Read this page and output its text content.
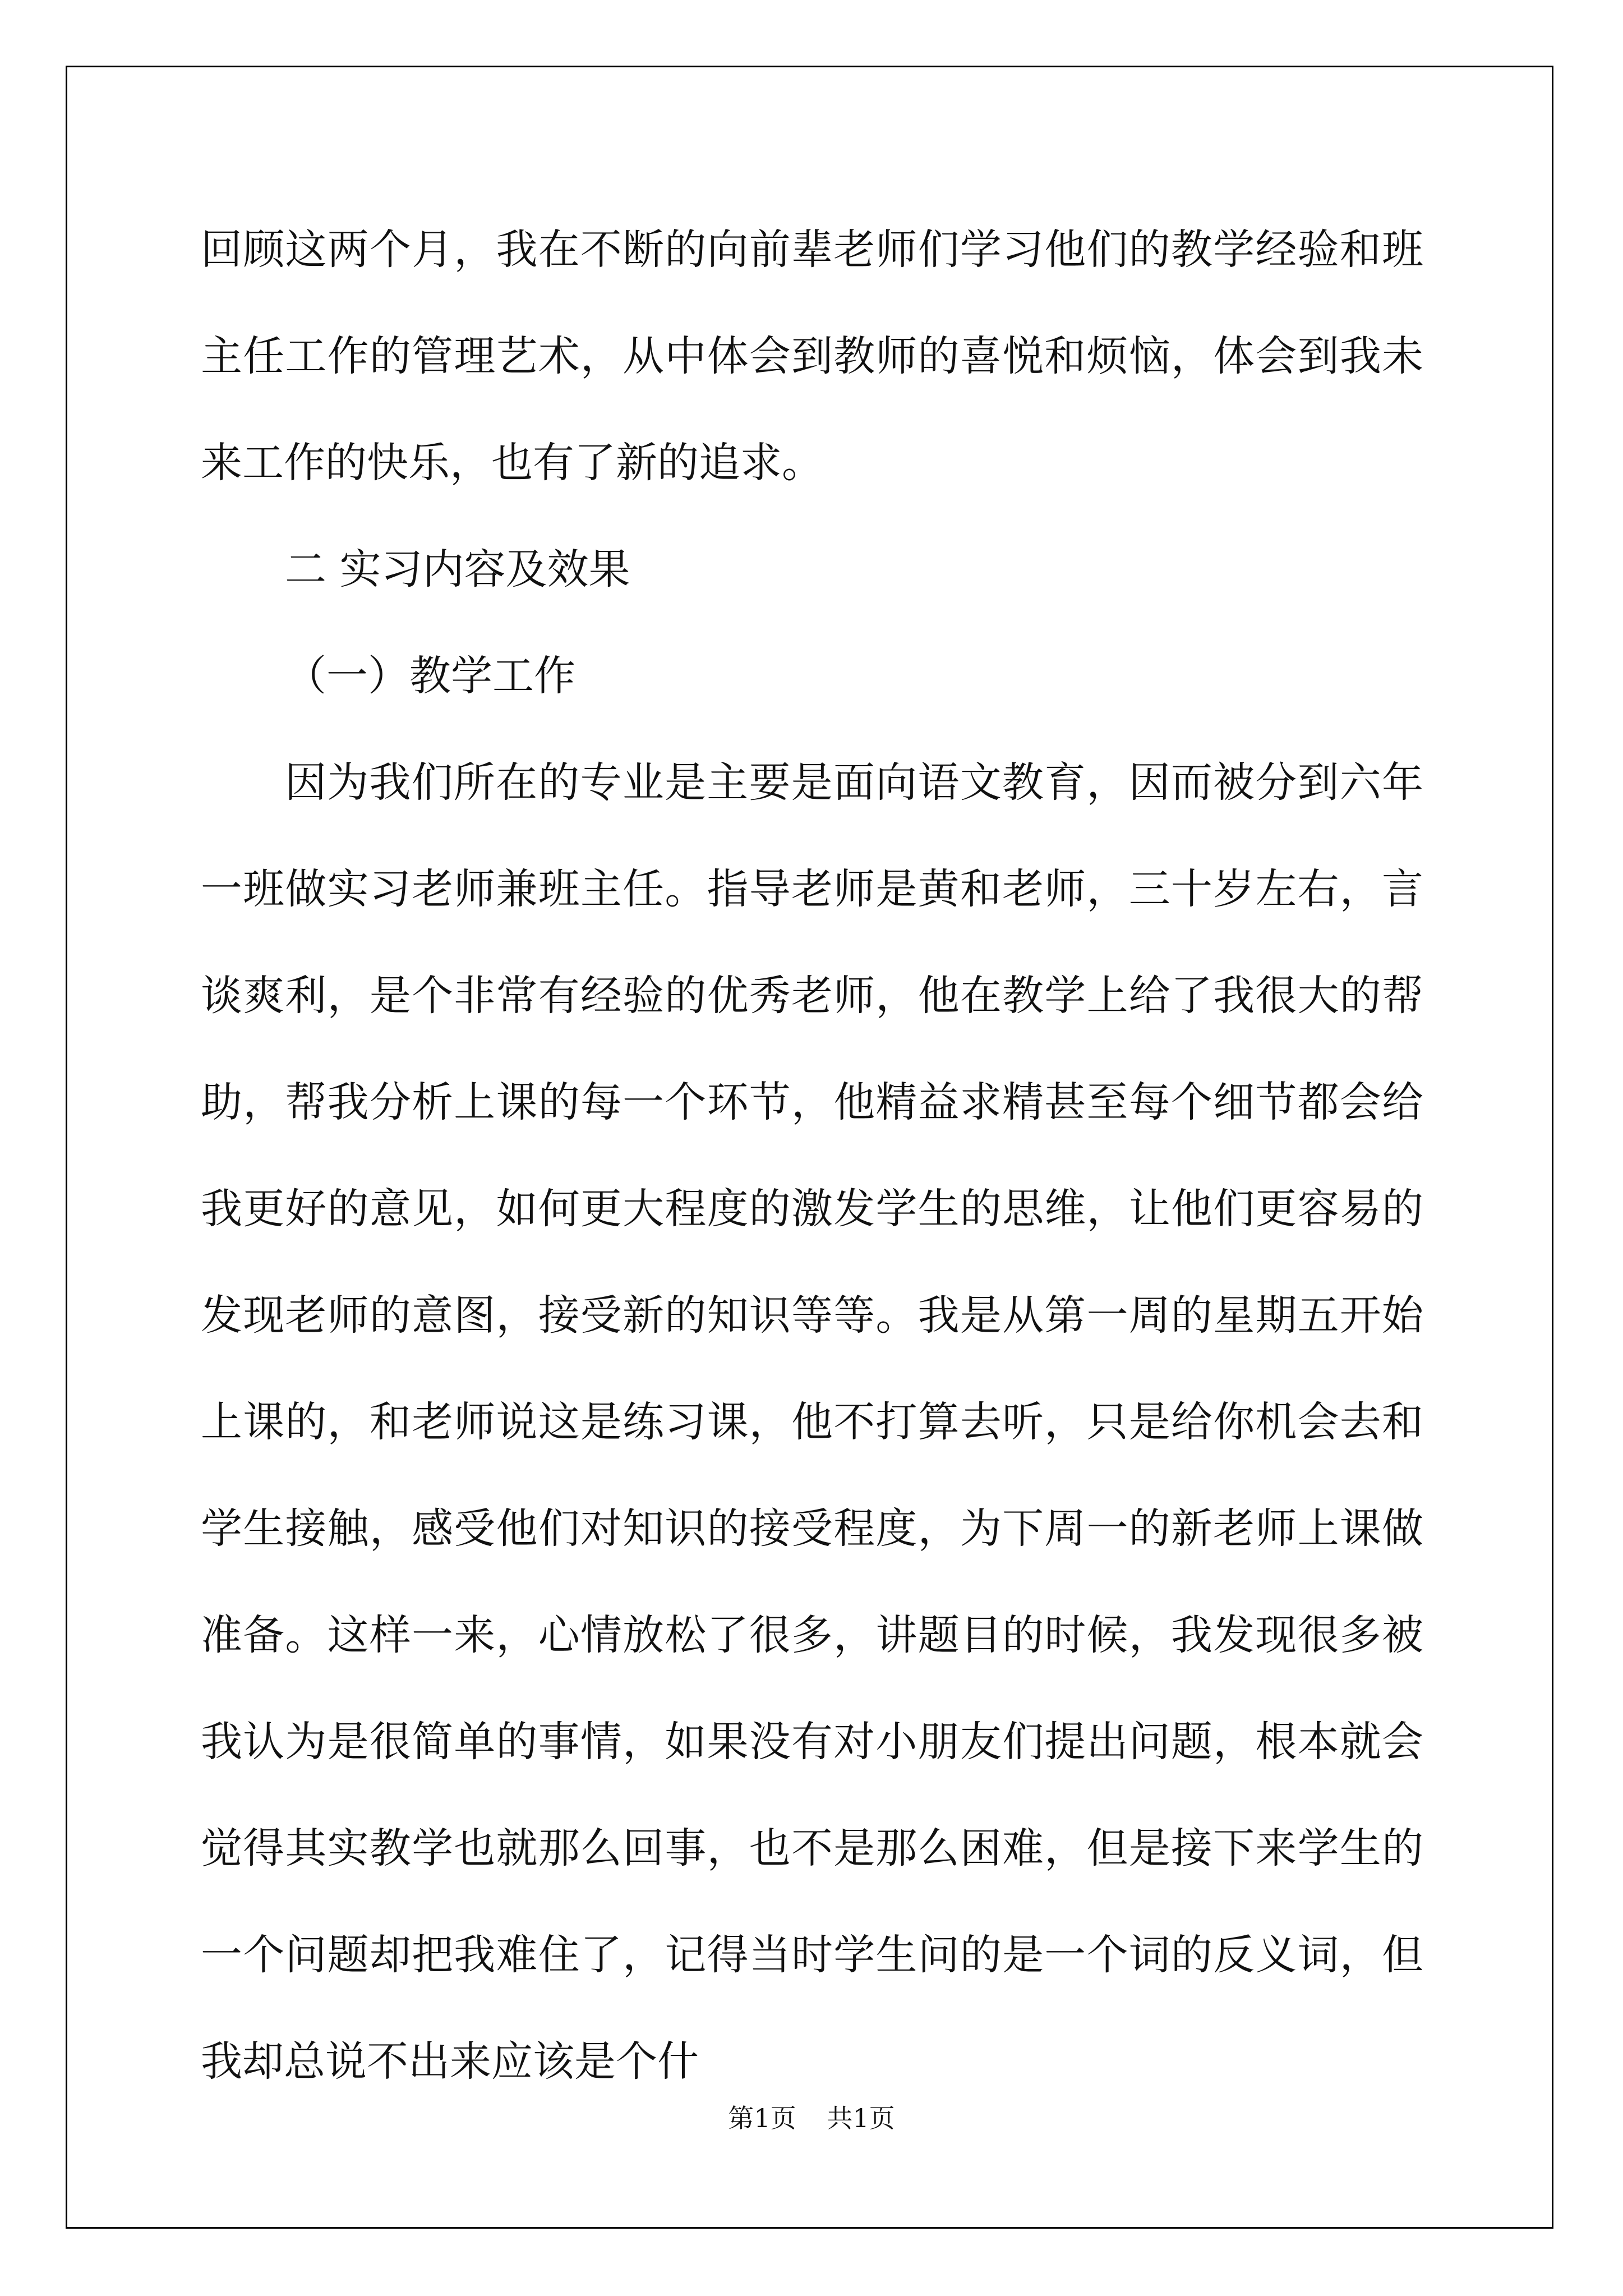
回顾这两个月，我在不断的向前辈老师们学习他们的教学经验和班主任工作的管理艺术，从中体会到教师的喜悦和烦恼，体会到我未来工作的快乐，也有了新的追求。

二 实习内容及效果

（一）教学工作

因为我们所在的专业是主要是面向语文教育，因而被分到六年一班做实习老师兼班主任。指导老师是黄和老师，三十岁左右，言谈爽利，是个非常有经验的优秀老师，他在教学上给了我很大的帮助，帮我分析上课的每一个环节，他精益求精甚至每个细节都会给我更好的意见，如何更大程度的激发学生的思维，让他们更容易的发现老师的意图，接受新的知识等等。我是从第一周的星期五开始上课的，和老师说这是练习课，他不打算去听，只是给你机会去和学生接触，感受他们对知识的接受程度，为下周一的新老师上课做准备。这样一来，心情放松了很多，讲题目的时候，我发现很多被我认为是很简单的事情，如果没有对小朋友们提出问题，根本就会觉得其实教学也就那么回事，也不是那么困难，但是接下来学生的一个问题却把我难住了，记得当时学生问的是一个词的反义词，但我却总说不出来应该是个什

第1页 共1页
